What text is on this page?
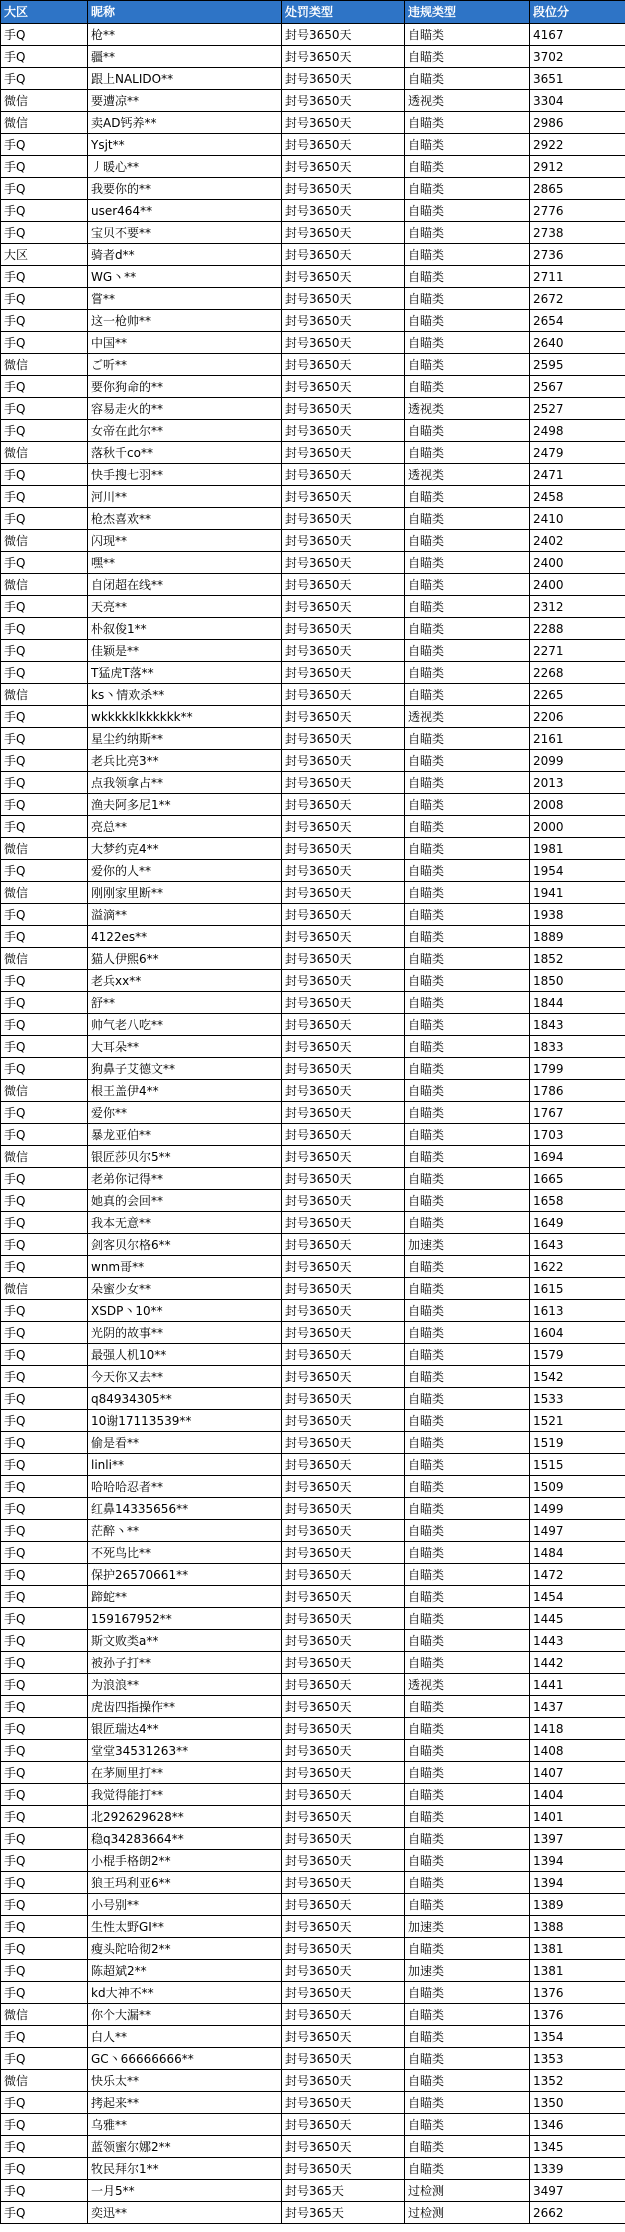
大区	昵称	处罚类型	违规类型	段位分
手Q	枪**	封号3650天	自瞄类	4167
手Q	疆**	封号3650天	自瞄类	3702
手Q	跟上NALIDO**	封号3650天	自瞄类	3651
微信	要遭凉**	封号3650天	透视类	3304
微信	卖AD钙养**	封号3650天	自瞄类	2986
手Q	Ysjt**	封号3650天	自瞄类	2922
手Q	丿暖心**	封号3650天	自瞄类	2912
手Q	我要你的**	封号3650天	自瞄类	2865
手Q	user464**	封号3650天	自瞄类	2776
手Q	宝贝不要**	封号3650天	自瞄类	2738
大区	骑者d**	封号3650天	自瞄类	2736
手Q	WG丶**	封号3650天	自瞄类	2711
手Q	嘗**	封号3650天	自瞄类	2672
手Q	这一枪帅**	封号3650天	自瞄类	2654
手Q	中国**	封号3650天	自瞄类	2640
微信	ご听**	封号3650天	自瞄类	2595
手Q	要你狗命的**	封号3650天	自瞄类	2567
手Q	容易走火的**	封号3650天	透视类	2527
手Q	女帝在此尔**	封号3650天	自瞄类	2498
微信	落秋千co**	封号3650天	自瞄类	2479
手Q	快手搜七羽**	封号3650天	透视类	2471
手Q	河川**	封号3650天	自瞄类	2458
手Q	枪杰喜欢**	封号3650天	自瞄类	2410
微信	闪现**	封号3650天	自瞄类	2402
手Q	嘿**	封号3650天	自瞄类	2400
微信	自闭超在线**	封号3650天	自瞄类	2400
手Q	天亮**	封号3650天	自瞄类	2312
手Q	朴叙俊1**	封号3650天	自瞄类	2288
手Q	佳颖是**	封号3650天	自瞄类	2271
手Q	T猛虎T落**	封号3650天	自瞄类	2268
微信	ks丶情欢杀**	封号3650天	自瞄类	2265
手Q	wkkkkklkkkkkk**	封号3650天	透视类	2206
手Q	星尘约纳斯**	封号3650天	自瞄类	2161
手Q	老兵比亮3**	封号3650天	自瞄类	2099
手Q	点我领拿占**	封号3650天	自瞄类	2013
手Q	渔夫阿多尼1**	封号3650天	自瞄类	2008
手Q	亮总**	封号3650天	自瞄类	2000
微信	大梦约克4**	封号3650天	自瞄类	1981
手Q	爱你的人**	封号3650天	自瞄类	1954
微信	刚刚家里断**	封号3650天	自瞄类	1941
手Q	溢滴**	封号3650天	自瞄类	1938
手Q	4122es**	封号3650天	自瞄类	1889
微信	猫人伊熙6**	封号3650天	自瞄类	1852
手Q	老兵xx**	封号3650天	自瞄类	1850
手Q	舒**	封号3650天	自瞄类	1844
手Q	帅气老八吃**	封号3650天	自瞄类	1843
手Q	大耳朵**	封号3650天	自瞄类	1833
手Q	狗鼻子艾德文**	封号3650天	自瞄类	1799
微信	根王盖伊4**	封号3650天	自瞄类	1786
手Q	爱你**	封号3650天	自瞄类	1767
手Q	暴龙亚伯**	封号3650天	自瞄类	1703
微信	银匠莎贝尔5**	封号3650天	自瞄类	1694
手Q	老弟你记得**	封号3650天	自瞄类	1665
手Q	她真的会回**	封号3650天	自瞄类	1658
手Q	我本无意**	封号3650天	自瞄类	1649
手Q	剑客贝尔格6**	封号3650天	加速类	1643
手Q	wnm哥**	封号3650天	自瞄类	1622
微信	朵蜜少女**	封号3650天	自瞄类	1615
手Q	XSDP丶10**	封号3650天	自瞄类	1613
手Q	光阴的故事**	封号3650天	自瞄类	1604
手Q	最强人机10**	封号3650天	自瞄类	1579
手Q	今天你又去**	封号3650天	自瞄类	1542
手Q	q84934305**	封号3650天	自瞄类	1533
手Q	10谢17113539**	封号3650天	自瞄类	1521
手Q	偷是看**	封号3650天	自瞄类	1519
手Q	linli**	封号3650天	自瞄类	1515
手Q	哈哈哈忍者**	封号3650天	自瞄类	1509
手Q	红鼻14335656**	封号3650天	自瞄类	1499
手Q	茫醉丶**	封号3650天	自瞄类	1497
手Q	不死鸟比**	封号3650天	自瞄类	1484
手Q	保护26570661**	封号3650天	自瞄类	1472
手Q	蹄蛇**	封号3650天	自瞄类	1454
手Q	159167952**	封号3650天	自瞄类	1445
手Q	斯文败类a**	封号3650天	自瞄类	1443
手Q	被孙子打**	封号3650天	自瞄类	1442
手Q	为浪浪**	封号3650天	透视类	1441
手Q	虎齿四指操作**	封号3650天	自瞄类	1437
手Q	银匠瑞达4**	封号3650天	自瞄类	1418
手Q	堂堂34531263**	封号3650天	自瞄类	1408
手Q	在茅厕里打**	封号3650天	自瞄类	1407
手Q	我觉得能打**	封号3650天	自瞄类	1404
手Q	北292629628**	封号3650天	自瞄类	1401
手Q	稳q34283664**	封号3650天	自瞄类	1397
手Q	小棍手格朗2**	封号3650天	自瞄类	1394
手Q	狼王玛利亚6**	封号3650天	自瞄类	1394
手Q	小号别**	封号3650天	自瞄类	1389
手Q	生性太野GI**	封号3650天	加速类	1388
手Q	瘦头陀哈彻2**	封号3650天	自瞄类	1381
手Q	陈超斌2**	封号3650天	加速类	1381
手Q	kd大神不**	封号3650天	自瞄类	1376
微信	你个大漏**	封号3650天	自瞄类	1376
手Q	白人**	封号3650天	自瞄类	1354
手Q	GC丶66666666**	封号3650天	自瞄类	1353
微信	快乐太**	封号3650天	自瞄类	1352
手Q	拷起来**	封号3650天	自瞄类	1350
手Q	乌雅**	封号3650天	自瞄类	1346
手Q	蓝领蜜尔娜2**	封号3650天	自瞄类	1345
手Q	牧民拜尔1**	封号3650天	自瞄类	1339
手Q	一月5**	封号365天	过检测	3497
手Q	奕迅**	封号365天	过检测	2662
